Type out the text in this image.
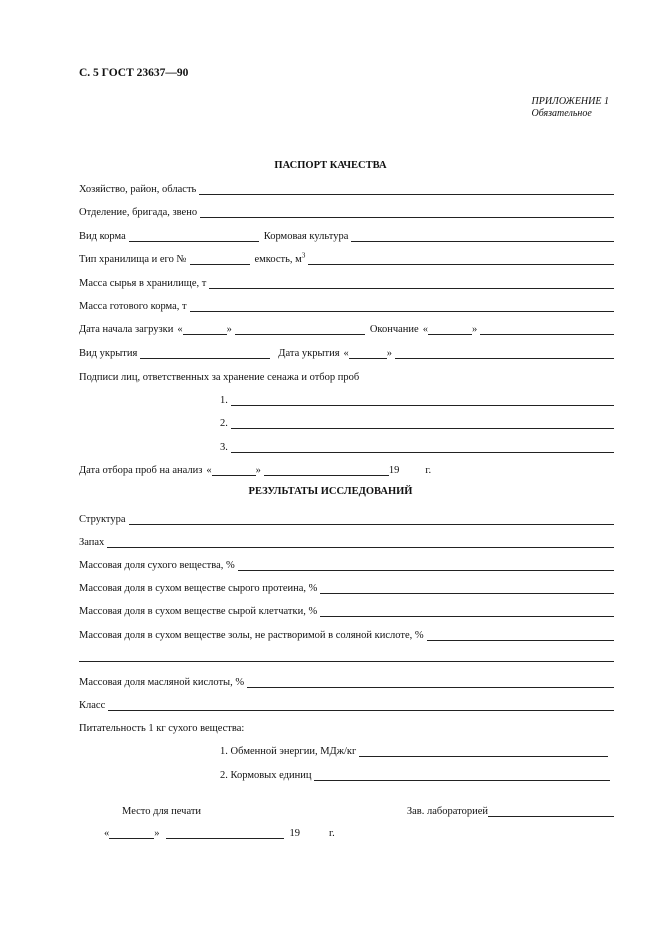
С. 5 ГОСТ 23637—90
ПРИЛОЖЕНИЕ 1
Обязательное
ПАСПОРТ КАЧЕСТВА
Хозяйство, район, область
Отделение, бригада, звено
Вид корма	Кормовая культура
Тип хранилища и его №	емкость, $м^3$
Масса сырья в хранилище, т
Масса готового корма, т
Дата начала загрузки «	»	Окончание «	»
Вид укрытия	Дата укрытия «	»
Подписи лиц, ответственных за хранение сенажа и отбор проб
1.
2.
3.
Дата отбора проб на анализ «	»	19 г.
РЕЗУЛЬТАТЫ ИССЛЕДОВАНИЙ
Структура
Запах
Массовая доля сухого вещества, %
Массовая доля в сухом веществе сырого протеина, %
Массовая доля в сухом веществе сырой клетчатки, %
Массовая доля в сухом веществе золы, не растворимой в соляной кислоте, %
Массовая доля масляной кислоты, %
Класс
Питательность 1 кг сухого вещества:
1. Обменной энергии, МДж/кг
2. Кормовых единиц
Место для печати	Зав. лабораторией
«	»	19	г.
